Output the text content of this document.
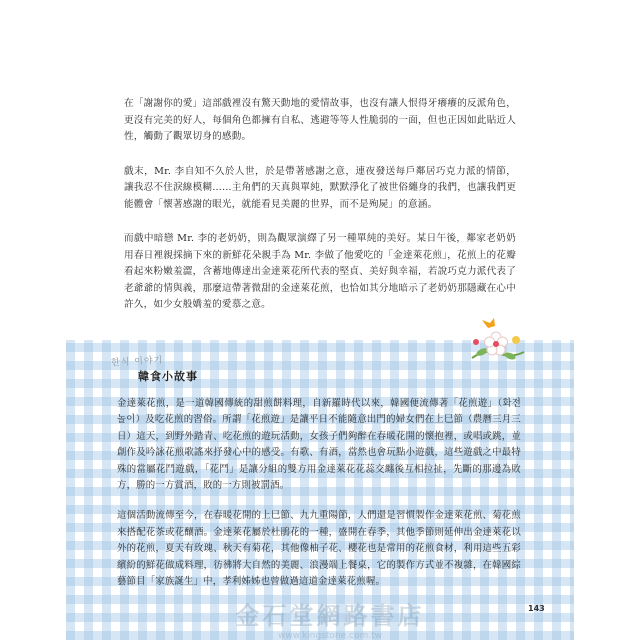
在「謝謝你的愛」這部戲裡沒有驚天動地的愛情故事，也沒有讓人恨得牙癢癢的反派角色，更沒有完美的好人，每個角色都擁有自私、逃避等等人性脆弱的一面，但也正因如此貼近人性，觸動了觀眾切身的感動。

戲末，Mr. 李自知不久於人世，於是帶著感謝之意，連夜發送每戶鄰居巧克力派的情節，讓我忍不住淚線模糊……主角們的天真與單純，默默淨化了被世俗纏身的我們，也讓我們更能體會「懷著感謝的眼光，就能看見美麗的世界，而不是殉屍」的意涵。

而戲中暗戀 Mr. 李的老奶奶，則為觀眾演繹了另一種單純的美好。某日午後，鄰家老奶奶用春日裡親採摘下來的新鮮花朵親手為 Mr. 李做了他愛吃的「金達萊花煎」，花煎上的花瓣看起來粉嫩羞澀，含蓄地傳達出金達萊花所代表的堅貞、美好與幸福，若說巧克力派代表了老爺爺的情與義，那麼這帶著微甜的金達萊花煎，也恰如其分地暗示了老奶奶那隱藏在心中許久，如少女般嬌羞的愛慕之意。

한식 이야기
韓食小故事

金達萊花煎，是一道韓國傳統的甜煎餅料理，自新羅時代以來，韓國便流傳著「花煎遊」（화전놀이）及吃花煎的習俗。所謂「花煎遊」是讓平日不能隨意出門的婦女們在上巳節（農曆三月三日）這天，到野外踏青、吃花煎的遊玩活動，女孩子們夠醉在春暖花開的懷抱裡，或唱或跳，並創作及吟詠花煎歌謠來抒發心中的感受。有歌、有酒，當然也會玩點小遊戲，這些遊戲之中最特殊的當屬花鬥遊戲，「花鬥」是讓分組的雙方用金達萊花花蕊交纏後互相拉扯，先斷的那邊為敗方，勝的一方賞酒，敗的一方則被罰酒。

這個活動流傳至今，在春暖花開的上巳節、九九重陽節，人們還是習慣製作金達萊花煎、菊花煎來搭配花茶或花釀酒。金達萊花屬於杜鵑花的一種，盛開在春季，其他季節則延伸出金達萊花以外的花煎，夏天有玫瑰、秋天有菊花，其他像柚子花、櫻花也是常用的花煎食材，利用這些五彩繽紛的鮮花做成料理，彷彿將大自然的美麗、浪漫端上餐桌，它的製作方式並不複雜，在韓國綜藝節目「家族誕生」中，孝利姊姊也曾做過這道金達萊花煎喔。

143
金石堂網路書店
www.kingstone.com.tw
